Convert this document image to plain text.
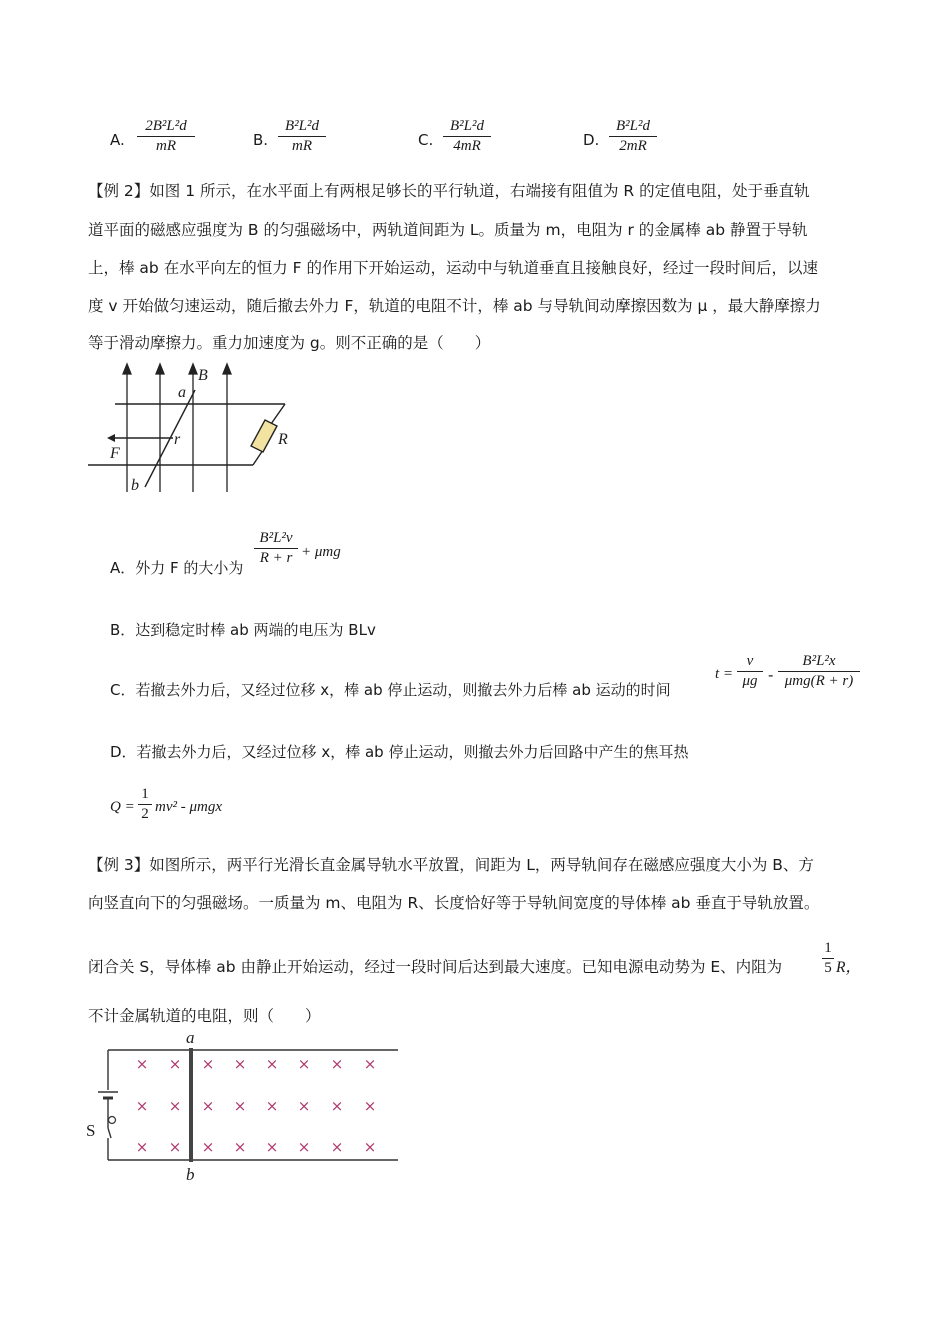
A.
2B²L²d
mR	B.
B²L²d
mR	C.
B²L²d
4mR	D.
B²L²d
2mR
【例 2】如图 1 所示，在水平面上有两根足够长的平行轨道，右端接有阻值为 R 的定值电阻，处于垂直轨
道平面的磁感应强度为 B 的匀强磁场中，两轨道间距为 L。质量为 m，电阻为 r 的金属棒 ab 静置于导轨
上，棒 ab 在水平向左的恒力 F 的作用下开始运动，运动中与轨道垂直且接触良好，经过一段时间后，以速
度 v 开始做匀速运动，随后撤去外力 F，轨道的电阻不计，棒 ab 与导轨间动摩擦因数为 μ ，最大静摩擦力
等于滑动摩擦力。重力加速度为 g。则不正确的是（　　）
a
B
r	R
F
b
A．外力 F 的大小为
B²L²v
R + r + μmg
B．达到稳定时棒 ab 两端的电压为 BLv
C．若撤去外力后，又经过位移 x，棒 ab 停止运动，则撤去外力后棒 ab 运动的时间
t =
v
μg -
B²L²x
μmg(R + r)
D．若撤去外力后，又经过位移 x，棒 ab 停止运动，则撤去外力后回路中产生的焦耳热
Q =
1
2 mv² - μmgx
【例 3】如图所示，两平行光滑长直金属导轨水平放置，间距为 L，两导轨间存在磁感应强度大小为 B、方
向竖直向下的匀强磁场。一质量为 m、电阻为 R、长度恰好等于导轨间宽度的导体棒 ab 垂直于导轨放置。
闭合关 S，导体棒 ab 由静止开始运动，经过一段时间后达到最大速度。已知电源电动势为 E、内阻为
1
5 R，
不计金属轨道的电阻，则（　　）
× × × × × × × ×
× × × × × × × ×
× × × × × × × ×
a
b
S
